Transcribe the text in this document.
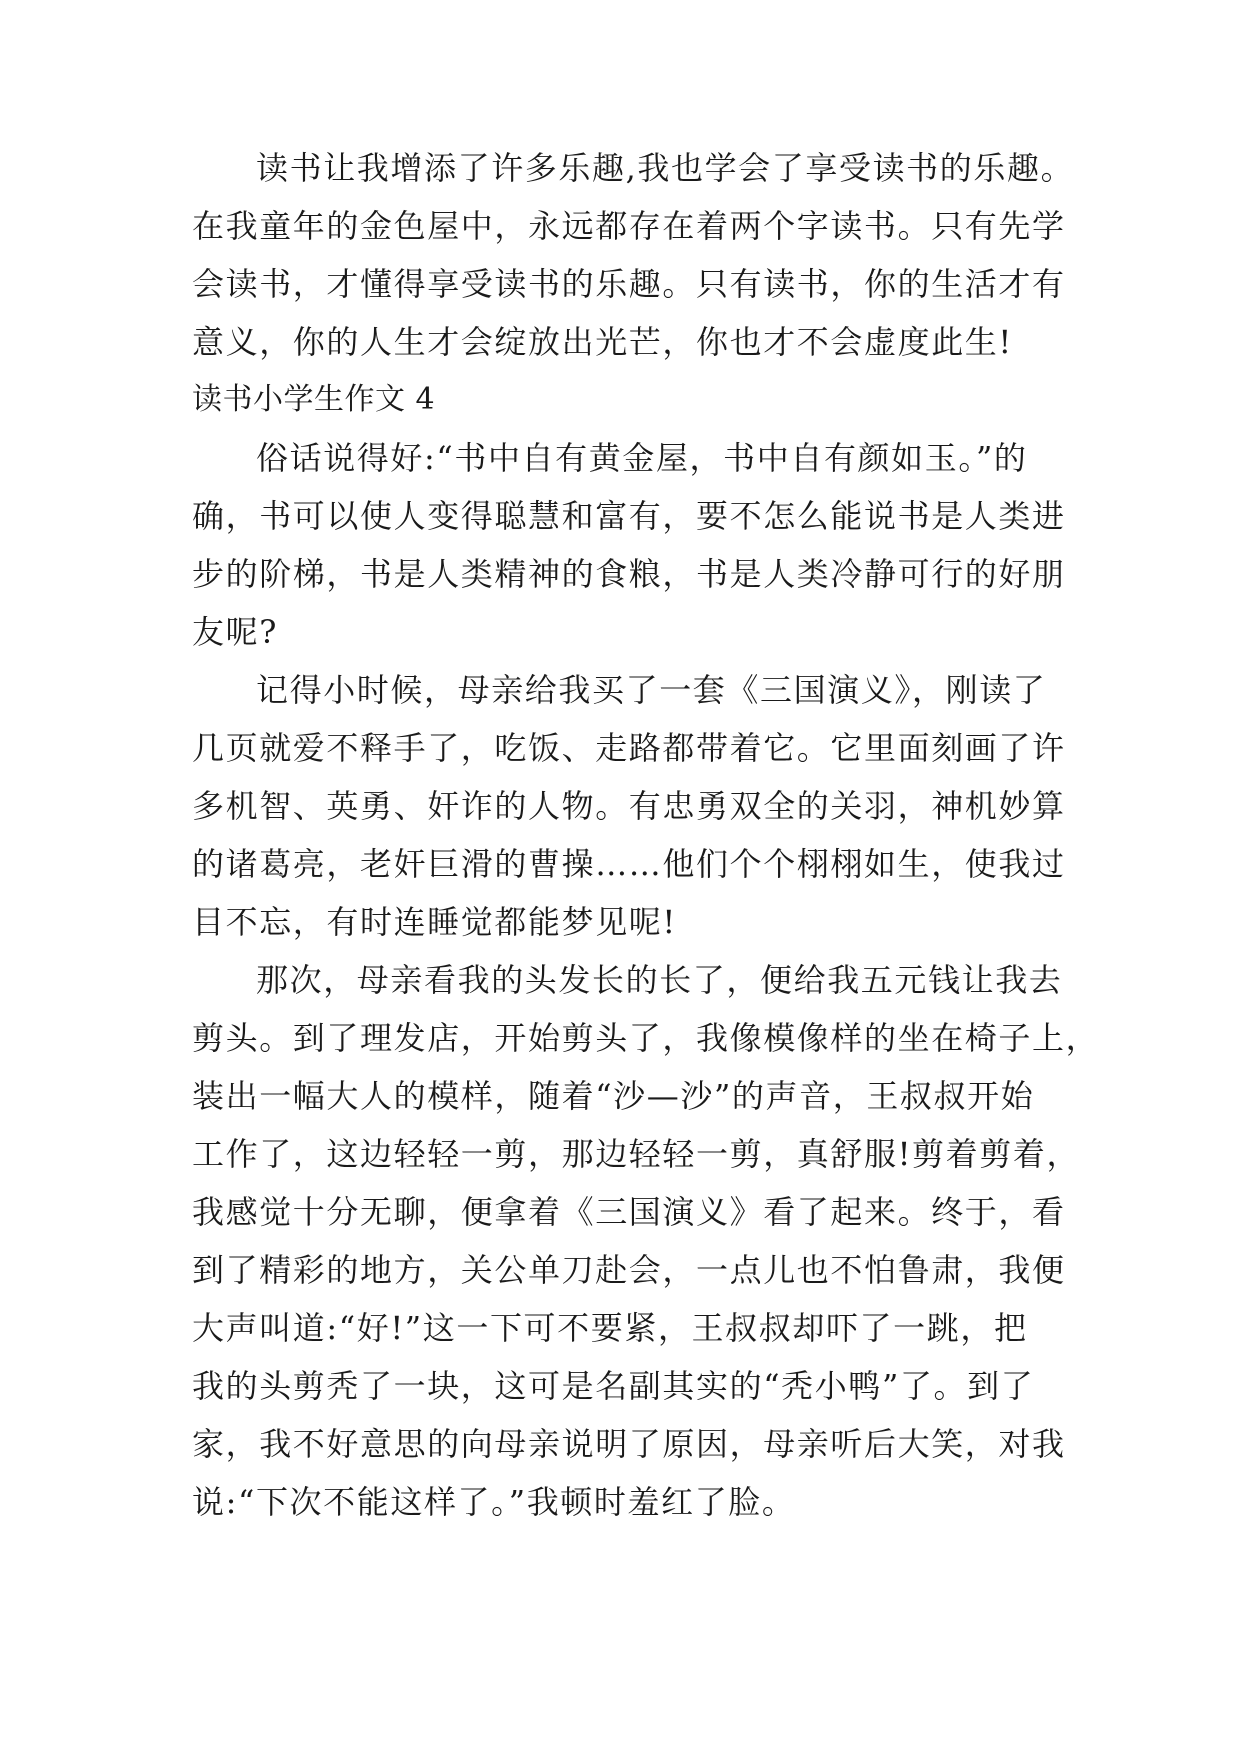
读书让我增添了许多乐趣,我也学会了享受读书的乐趣。
在我童年的金色屋中，永远都存在着两个字读书。只有先学
会读书，才懂得享受读书的乐趣。只有读书，你的生活才有
意义，你的人生才会绽放出光芒，你也才不会虚度此生!
读书小学生作文 4
俗话说得好:“书中自有黄金屋，书中自有颜如玉。”的
确，书可以使人变得聪慧和富有，要不怎么能说书是人类进
步的阶梯，书是人类精神的食粮，书是人类冷静可行的好朋
友呢?
记得小时候，母亲给我买了一套《三国演义》，刚读了
几页就爱不释手了，吃饭、走路都带着它。它里面刻画了许
多机智、英勇、奸诈的人物。有忠勇双全的关羽，神机妙算
的诸葛亮，老奸巨滑的曹操……他们个个栩栩如生，使我过
目不忘，有时连睡觉都能梦见呢!
那次，母亲看我的头发长的长了，便给我五元钱让我去
剪头。到了理发店，开始剪头了，我像模像样的坐在椅子上，
装出一幅大人的模样，随着“沙—沙”的声音，王叔叔开始
工作了，这边轻轻一剪，那边轻轻一剪，真舒服!剪着剪着，
我感觉十分无聊，便拿着《三国演义》看了起来。终于，看
到了精彩的地方，关公单刀赴会，一点儿也不怕鲁肃，我便
大声叫道:“好!”这一下可不要紧，王叔叔却吓了一跳，把
我的头剪秃了一块，这可是名副其实的“秃小鸭”了。到了
家，我不好意思的向母亲说明了原因，母亲听后大笑，对我
说:“下次不能这样了。”我顿时羞红了脸。
